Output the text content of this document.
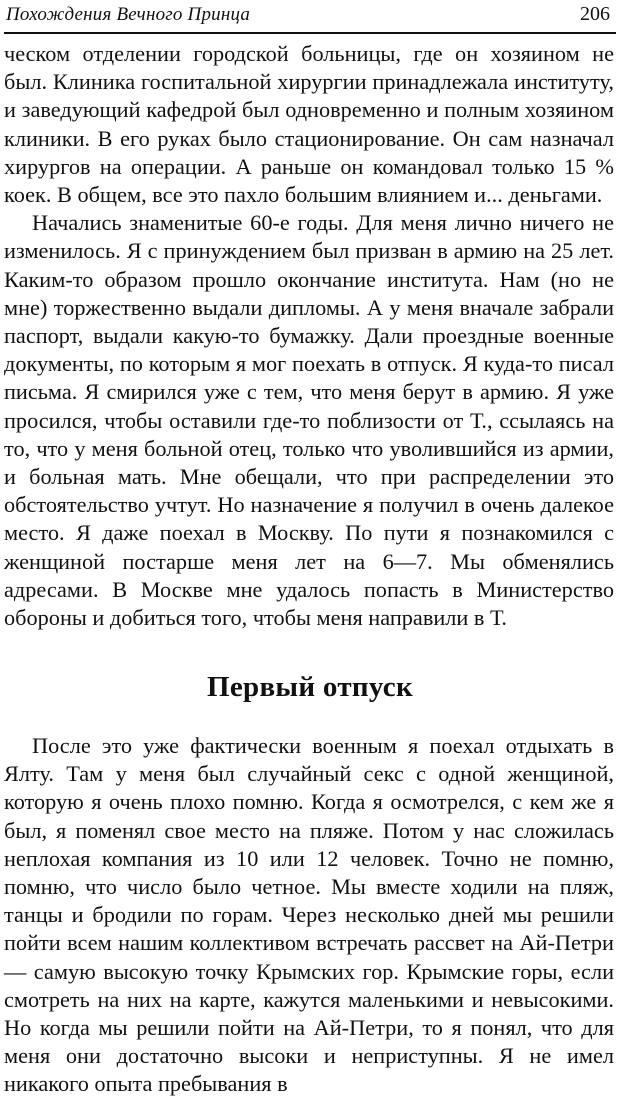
Похождения Вечного Принца	206

ческом отделении городской больницы, где он хозяином не был. Клиника госпитальной хирургии принадлежала институту, и заведующий кафедрой был одновременно и полным хозяином клиники. В его руках было стационирование. Он сам назначал хирургов на операции. А раньше он командовал только 15 % коек. В общем, все это пахло большим влиянием и... деньгами.

Начались знаменитые 60-е годы. Для меня лично ничего не изменилось. Я с принуждением был призван в армию на 25 лет. Каким-то образом прошло окончание института. Нам (но не мне) торжественно выдали дипломы. А у меня вначале забрали паспорт, выдали какую-то бумажку. Дали проездные военные документы, по которым я мог поехать в отпуск. Я куда-то писал письма. Я смирился уже с тем, что меня берут в армию. Я уже просился, чтобы оставили где-то поблизости от Т., ссылаясь на то, что у меня больной отец, только что уволившийся из армии, и больная мать. Мне обещали, что при распределении это обстоятельство учтут. Но назначение я получил в очень далекое место. Я даже поехал в Москву. По пути я познакомился с женщиной постарше меня лет на 6—7. Мы обменялись адресами. В Москве мне удалось попасть в Министерство обороны и добиться того, чтобы меня направили в Т.

Первый отпуск

После это уже фактически военным я поехал отдыхать в Ялту. Там у меня был случайный секс с одной женщиной, которую я очень плохо помню. Когда я осмотрелся, с кем же я был, я поменял свое место на пляже. Потом у нас сложилась неплохая компания из 10 или 12 человек. Точно не помню, помню, что число было четное. Мы вместе ходили на пляж, танцы и бродили по горам. Через несколько дней мы решили пойти всем нашим коллективом встречать рассвет на Ай-Петри — самую высокую точку Крымских гор. Крымские горы, если смотреть на них на карте, кажутся маленькими и невысокими. Но когда мы решили пойти на Ай-Петри, то я понял, что для меня они достаточно высоки и неприступны. Я не имел никакого опыта пребывания в
